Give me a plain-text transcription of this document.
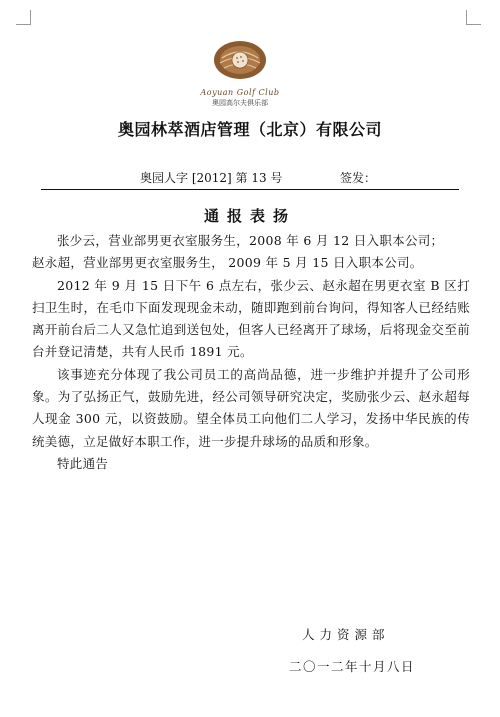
Aoyuan Golf Club
奥园高尔夫俱乐部
奥园林萃酒店管理（北京）有限公司
奥园人字 [2012] 第 13 号	签发：
通报表扬

张少云，营业部男更衣室服务生，2008 年 6 月 12 日入职本公司；

赵永超，营业部男更衣室服务生， 2009 年 5 月 15 日入职本公司。

2012 年 9 月 15 日下午 6 点左右，张少云、赵永超在男更衣室 B 区打扫卫生时，在毛巾下面发现现金未动，随即跑到前台询问，得知客人已经结账离开前台后二人又急忙追到送包处，但客人已经离开了球场，后将现金交至前台并登记清楚，共有人民币 1891 元。

该事迹充分体现了我公司员工的高尚品德，进一步维护并提升了公司形象。为了弘扬正气，鼓励先进，经公司领导研究决定，奖励张少云、赵永超每人现金 300 元，以资鼓励。望全体员工向他们二人学习，发扬中华民族的传统美德，立足做好本职工作，进一步提升球场的品质和形象。

特此通告

人力资源部
二〇一二年十月八日
